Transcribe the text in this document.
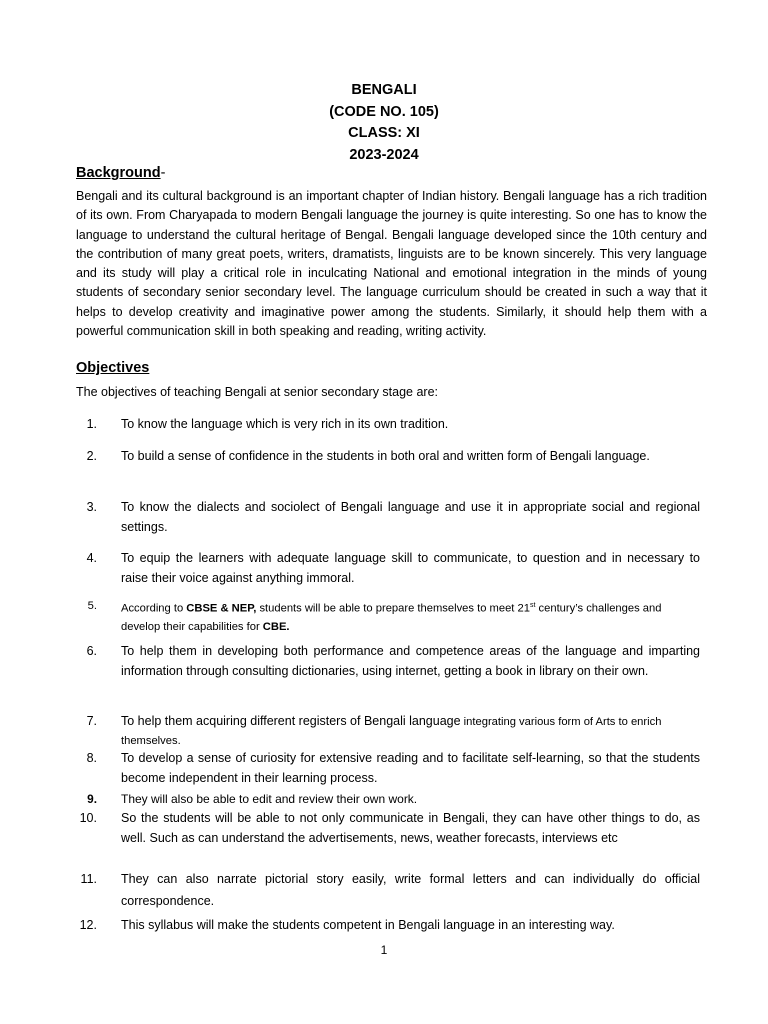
BENGALI
(CODE NO. 105)
CLASS: XI
2023-2024
Background-
Bengali and its cultural background is an important chapter of Indian history. Bengali language has a rich tradition of its own. From Charyapada to modern Bengali language the journey is quite interesting. So one has to know the language to understand the cultural heritage of Bengal. Bengali language developed since the 10th century and the contribution of many great poets, writers, dramatists, linguists are to be known sincerely. This very language and its study will play a critical role in inculcating National and emotional integration in the minds of young students of secondary senior secondary level. The language curriculum should be created in such a way that it helps to develop creativity and imaginative power among the students. Similarly, it should help them with a powerful communication skill in both speaking and reading, writing activity.
Objectives
The objectives of teaching Bengali at senior secondary stage are:
1. To know the language which is very rich in its own tradition.
2. To build a sense of confidence in the students in both oral and written form of Bengali language.
3. To know the dialects and sociolect of Bengali language and use it in appropriate social and regional settings.
4. To equip the learners with adequate language skill to communicate, to question and in necessary to raise their voice against anything immoral.
5. According to CBSE & NEP, students will be able to prepare themselves to meet 21st century’s challenges and develop their capabilities for CBE.
6. To help them in developing both performance and competence areas of the language and imparting information through consulting dictionaries, using internet, getting a book in library on their own.
7. To help them acquiring different registers of Bengali language integrating various form of Arts to enrich themselves.
8. To develop a sense of curiosity for extensive reading and to facilitate self-learning, so that the students become independent in their learning process.
9. They will also be able to edit and review their own work.
10. So the students will be able to not only communicate in Bengali, they can have other things to do, as well. Such as can understand the advertisements, news, weather forecasts, interviews etc
11. They can also narrate pictorial story easily, write formal letters and can individually do official correspondence.
12. This syllabus will make the students competent in Bengali language in an interesting way.
1
